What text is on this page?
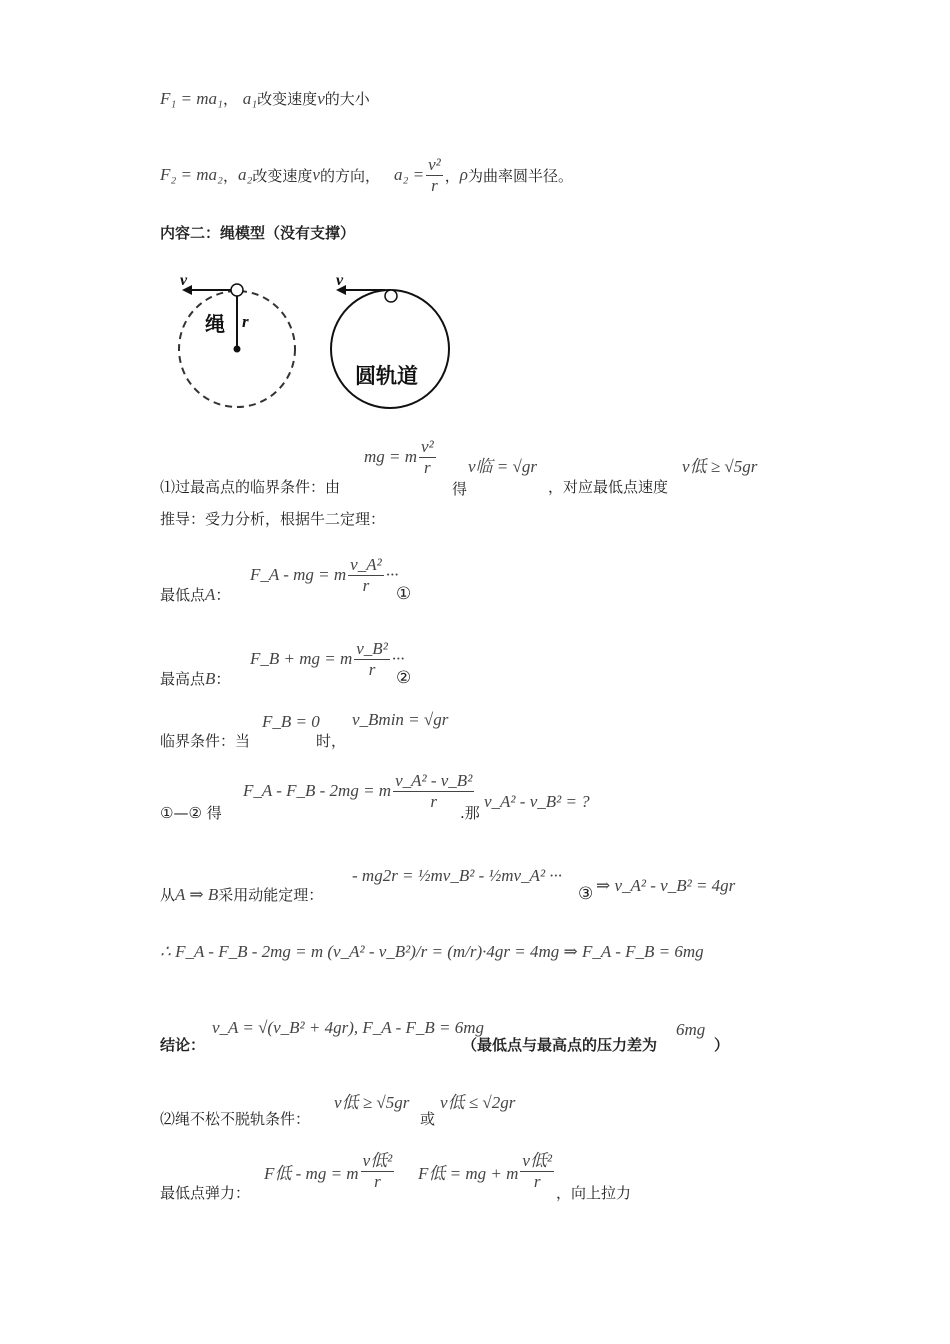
F₁ = ma₁， a₁改变速度v的大小
F₂ = ma₂ ， a₂ 改变速度 v 的方向， $a_2 = \frac{\text{v²}}{r}$ ， ρ 为曲率圆半径。
内容二：绳模型（没有支撑）
v
绳 r
v
圆轨道
⑴过最高点的临界条件：由
mg = m $\frac{\text{v²}}{r}$
得
v临 = √gr
，对应最低点速度
v低 ≥ √5gr
推导：受力分析，根据牛二定理：
最低点A：
F_A - mg = m $\frac{\text{v\_A²}}{r}$ ···
①
最高点B：
F_B + mg = m $\frac{\text{v\_B²}}{r}$ ···
②
临界条件：当
F_B = 0
时，
v_Bmin = √gr
①—② 得
F_A - F_B - 2mg = m $\frac{\text{v\_A² - v\_B²}}{r}$
.那
v_A² - v_B² = ?
从A ⇒ B采用动能定理：
- mg2r = ½mv_B² - ½mv_A² ···
③ ⇒ v_A² - v_B² = 4gr
∴ F_A - F_B - 2mg = m (v_A² - v_B²)/r = (m/r)·4gr = 4mg ⇒ F_A - F_B = 6mg
结论：
v_A = √(v_B² + 4gr), F_A - F_B = 6mg
（最低点与最高点的压力差为
6mg
）
⑵绳不松不脱轨条件：
v低 ≥ √5gr
或
v低 ≤ √2gr
最低点弹力：
F低 - mg = m $\frac{\text{v低²}}{r}$ F低 = mg + m $\frac{\text{v低²}}{r}$
，向上拉力
